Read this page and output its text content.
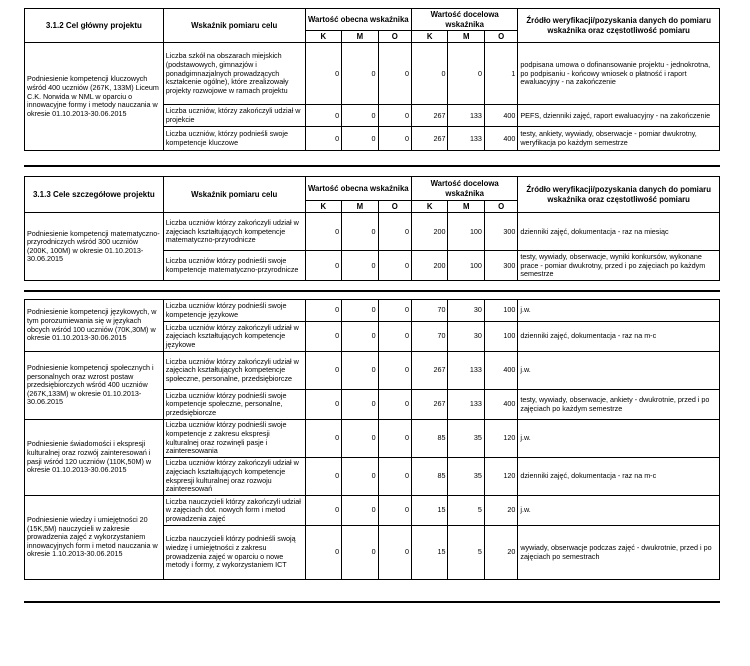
3.1.2 Cel główny projektu	Wskaźnik pomiaru celu	Wartość obecna wskaźnika			Wartość docelowa wskaźnika			Źródło weryfikacji/pozyskania danych do pomiaru wskaźnika oraz częstotliwość pomiaru
		K	M	O	K	M	O	
Podniesienie kompetencji kluczowych wśród 400 uczniów (267K, 133M) Liceum C.K. Norwida w NML w oparciu o innowacyjne formy i metody nauczania w okresie 01.10.2013-30.06.2015	Liczba szkół na obszarach miejskich (podstawowych, gimnazjów i ponadgimnazjalnych prowadzących kształcenie ogólne), które zrealizowały projekty rozwojowe w ramach projektu	0	0	0	0	0	1	podpisana umowa o dofinansowanie projektu - jednokrotna, po podpisaniu - końcowy wniosek o płatność i raport ewaluacyjny - na zakończenie
	Liczba uczniów, którzy zakończyli udział w projekcie	0	0	0	267	133	400	PEFS, dzienniki zajęć, raport ewaluacyjny - na zakończenie
	Liczba uczniów, którzy podnieśli swoje kompetencje kluczowe	0	0	0	267	133	400	testy, ankiety, wywiady, obserwacje - pomiar dwukrotny, weryfikacja po każdym semestrze
3.1.3 Cele szczegółowe projektu	Wskaźnik pomiaru celu	Wartość obecna wskaźnika			Wartość docelowa wskaźnika			Źródło weryfikacji/pozyskania danych do pomiaru wskaźnika oraz częstotliwość pomiaru
		K	M	O	K	M	O	
Podniesienie kompetencji matematyczno-przyrodniczych wśród 300 uczniów (200K, 100M) w okresie 01.10.2013-30.06.2015	Liczba uczniów którzy zakończyli udział w zajęciach kształtujących kompetencje matematyczno-przyrodnicze	0	0	0	200	100	300	dzienniki zajęć, dokumentacja - raz na miesiąc
	Liczba uczniów którzy podnieśli swoje kompetencje matematyczno-przyrodnicze	0	0	0	200	100	300	testy, wywiady, obserwacje, wyniki konkursów, wykonane prace - pomiar dwukrotny, przed i po zajęciach po każdym semestrze
Podniesienie kompetencji językowych, w tym porozumiewania się w językach obcych wśród 100 uczniów (70K,30M) w okresie 01.10.2013-30.06.2015	Liczba uczniów którzy podnieśli swoje kompetencje językowe	0	0	0	70	30	100	j.w.
	Liczba uczniów którzy zakończyli udział w zajęciach kształtujących kompetencje językowe	0	0	0	70	30	100	dzienniki zajęć, dokumentacja - raz na m-c
Podniesienie kompetencji społecznych i personalnych oraz wzrost postaw przedsiębiorczych wśród 400 uczniów (267K,133M) w okresie 01.10.2013-30.06.2015	Liczba uczniów którzy zakończyli udział w zajęciach kształtujących kompetencje społeczne, personalne, przedsiębiorcze	0	0	0	267	133	400	j.w.
	Liczba uczniów którzy podnieśli swoje kompetencje społeczne, personalne, przedsiębiorcze	0	0	0	267	133	400	testy, wywiady, obserwacje, ankiety - dwukrotnie, przed i po zajęciach po każdym semestrze
Podniesienie świadomości i ekspresji kulturalnej oraz rozwój zainteresowań i pasji wśród 120 uczniów (110K,50M) w okresie 01.10.2013-30.06.2015	Liczba uczniów którzy podnieśli swoje kompetencje z zakresu ekspresji kulturalnej oraz rozwinęli pasje i zainteresowania	0	0	0	85	35	120	j.w.
	Liczba uczniów którzy zakończyli udział w zajęciach kształtujących kompetencje ekspresji kulturalnej oraz rozwoju zainteresowań	0	0	0	85	35	120	dzienniki zajęć, dokumentacja - raz na m-c
Podniesienie wiedzy i umiejętności 20 (15K,5M) nauczycieli w zakresie prowadzenia zajęć z wykorzystaniem innowacyjnych form i metod nauczania w okresie 1.10.2013-30.06.2015	Liczba nauczycieli którzy zakończyli udział w zajęciach dot. nowych form i metod prowadzenia zajęć	0	0	0	15	5	20	j.w.
	Liczba nauczycieli którzy podnieśli swoją wiedzę i umiejętności z zakresu prowadzenia zajęć w oparciu o nowe metody i formy, z wykorzystaniem ICT	0	0	0	15	5	20	wywiady, obserwacje podczas zajęć - dwukrotnie, przed i po zajęciach po semestrach
